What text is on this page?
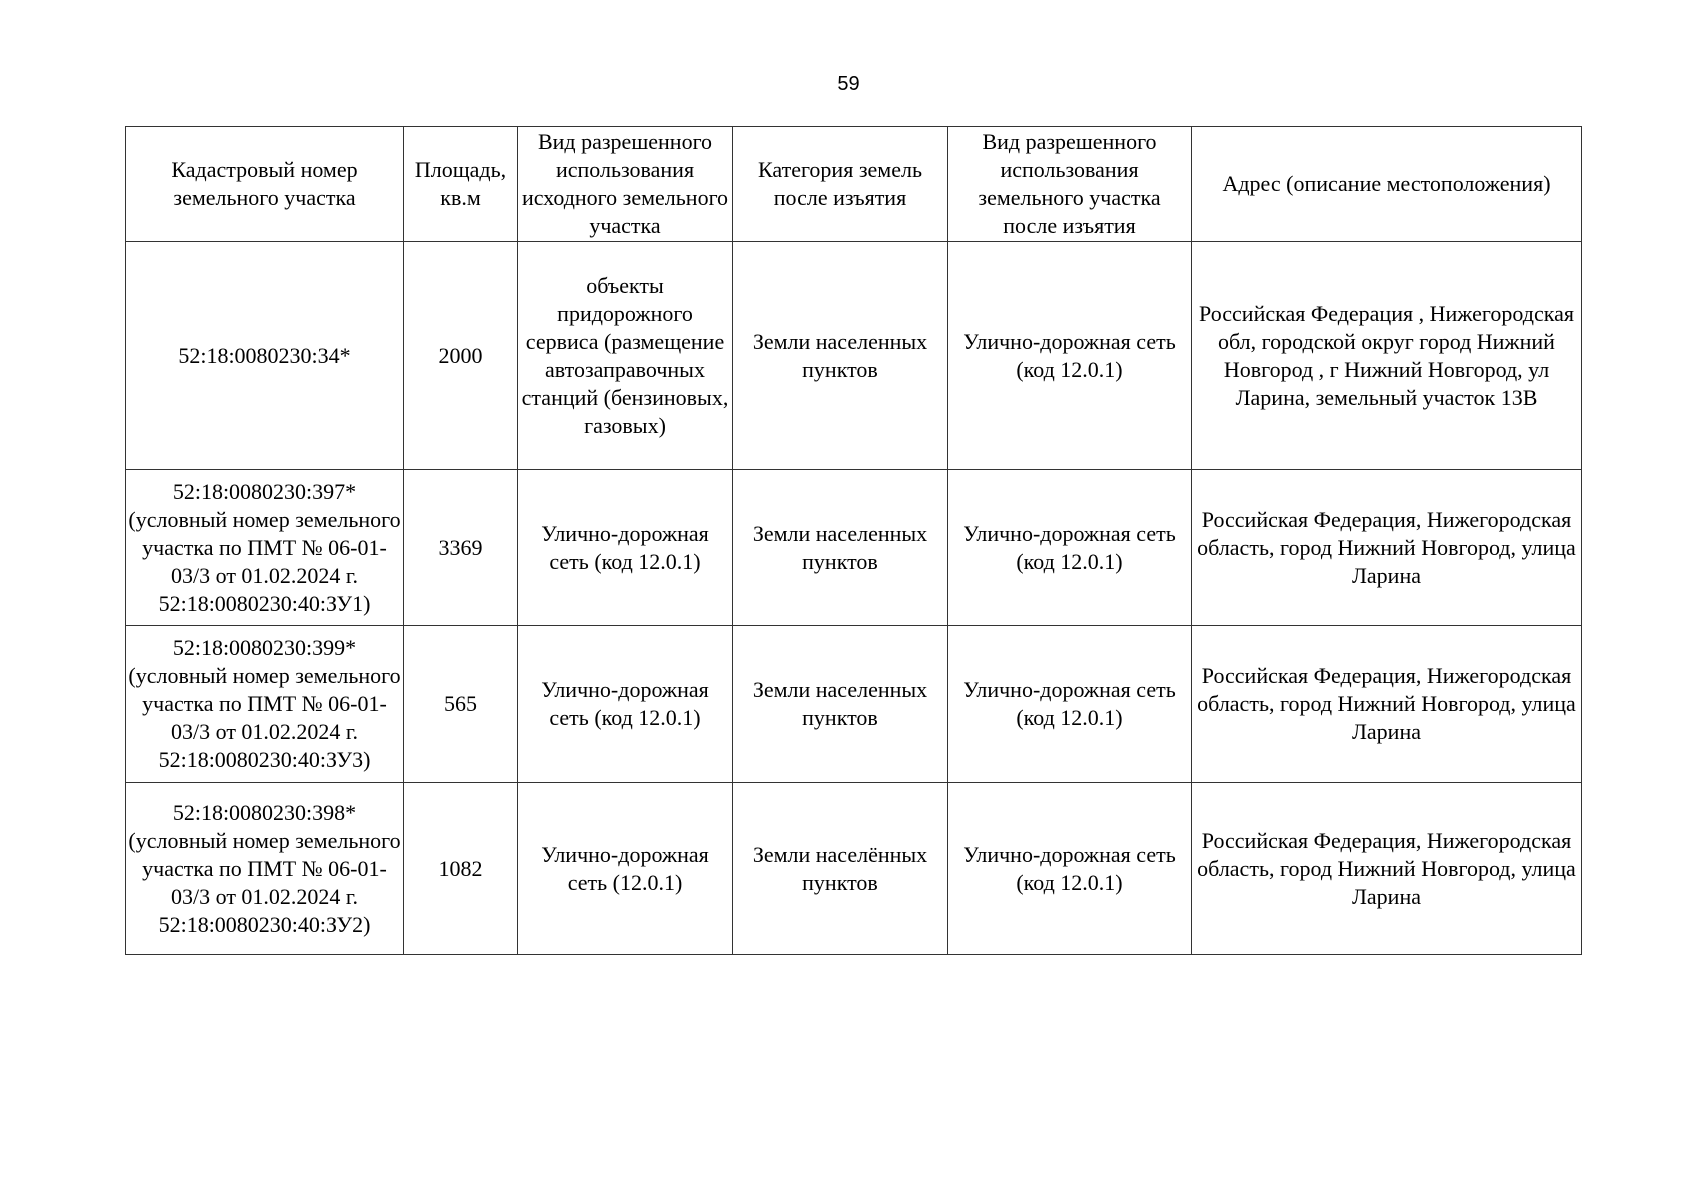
59
Кадастровый номер земельного участка	Площадь, кв.м	Вид разрешенного использования исходного земельного участка	Категория земель после изъятия	Вид разрешенного использования земельного участка после изъятия	Адрес (описание местоположения)
52:18:0080230:34*	2000	объекты придорожного сервиса (размещение автозаправочных станций (бензиновых, газовых)	Земли населенных пунктов	Улично-дорожная сеть (код 12.0.1)	Российская Федерация , Нижегородская обл, городской округ город Нижний Новгород , г Нижний Новгород, ул Ларина, земельный участок 13В
52:18:0080230:397*(условный номер земельного участка по ПМТ № 06-01-03/3 от 01.02.2024 г. 52:18:0080230:40:ЗУ1)	3369	Улично-дорожная сеть (код 12.0.1)	Земли населенных пунктов	Улично-дорожная сеть (код 12.0.1)	Российская Федерация, Нижегородская область, город Нижний Новгород, улица Ларина
52:18:0080230:399*(условный номер земельного участка по ПМТ № 06-01-03/3 от 01.02.2024 г. 52:18:0080230:40:ЗУ3)	565	Улично-дорожная сеть (код 12.0.1)	Земли населенных пунктов	Улично-дорожная сеть (код 12.0.1)	Российская Федерация, Нижегородская область, город Нижний Новгород, улица Ларина
52:18:0080230:398* (условный номер земельного участка по ПМТ № 06-01-03/3 от 01.02.2024 г. 52:18:0080230:40:ЗУ2)	1082	Улично-дорожная сеть (12.0.1)	Земли населённых пунктов	Улично-дорожная сеть (код 12.0.1)	Российская Федерация, Нижегородская область, город Нижний Новгород, улица Ларина
